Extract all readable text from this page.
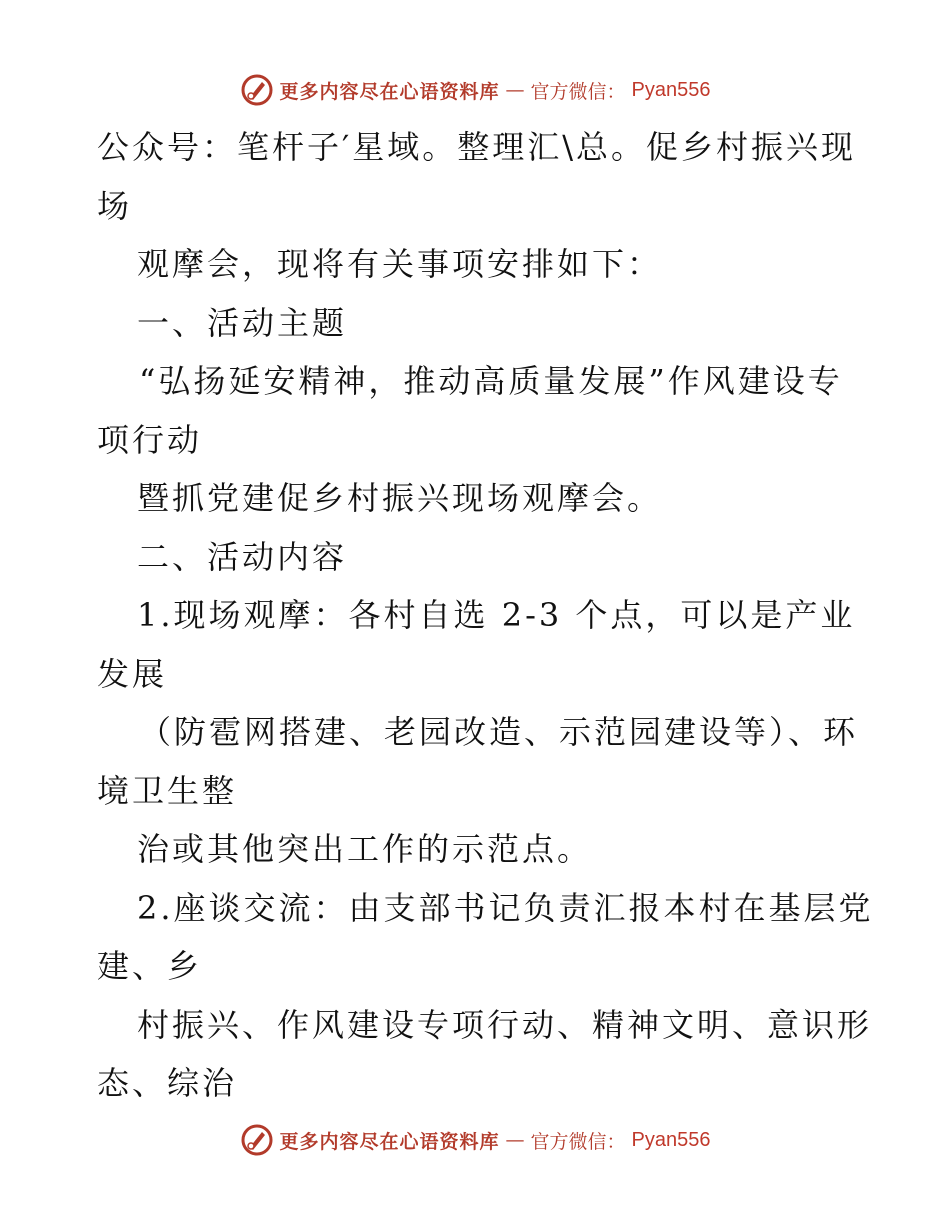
更多内容尽在心语资料库 — 官方微信： Pyan556
公众号：笔杆子′星域。整理汇\总。促乡村振兴现
场
观摩会，现将有关事项安排如下：
一、活动主题
“弘扬延安精神，推动高质量发展”作风建设专
项行动
暨抓党建促乡村振兴现场观摩会。
二、活动内容
1.现场观摩：各村自选 2-3 个点，可以是产业
发展
（防雹网搭建、老园改造、示范园建设等）、环
境卫生整
治或其他突出工作的示范点。
2.座谈交流：由支部书记负责汇报本村在基层党
建、乡
村振兴、作风建设专项行动、精神文明、意识形
态、综治
更多内容尽在心语资料库 — 官方微信： Pyan556
